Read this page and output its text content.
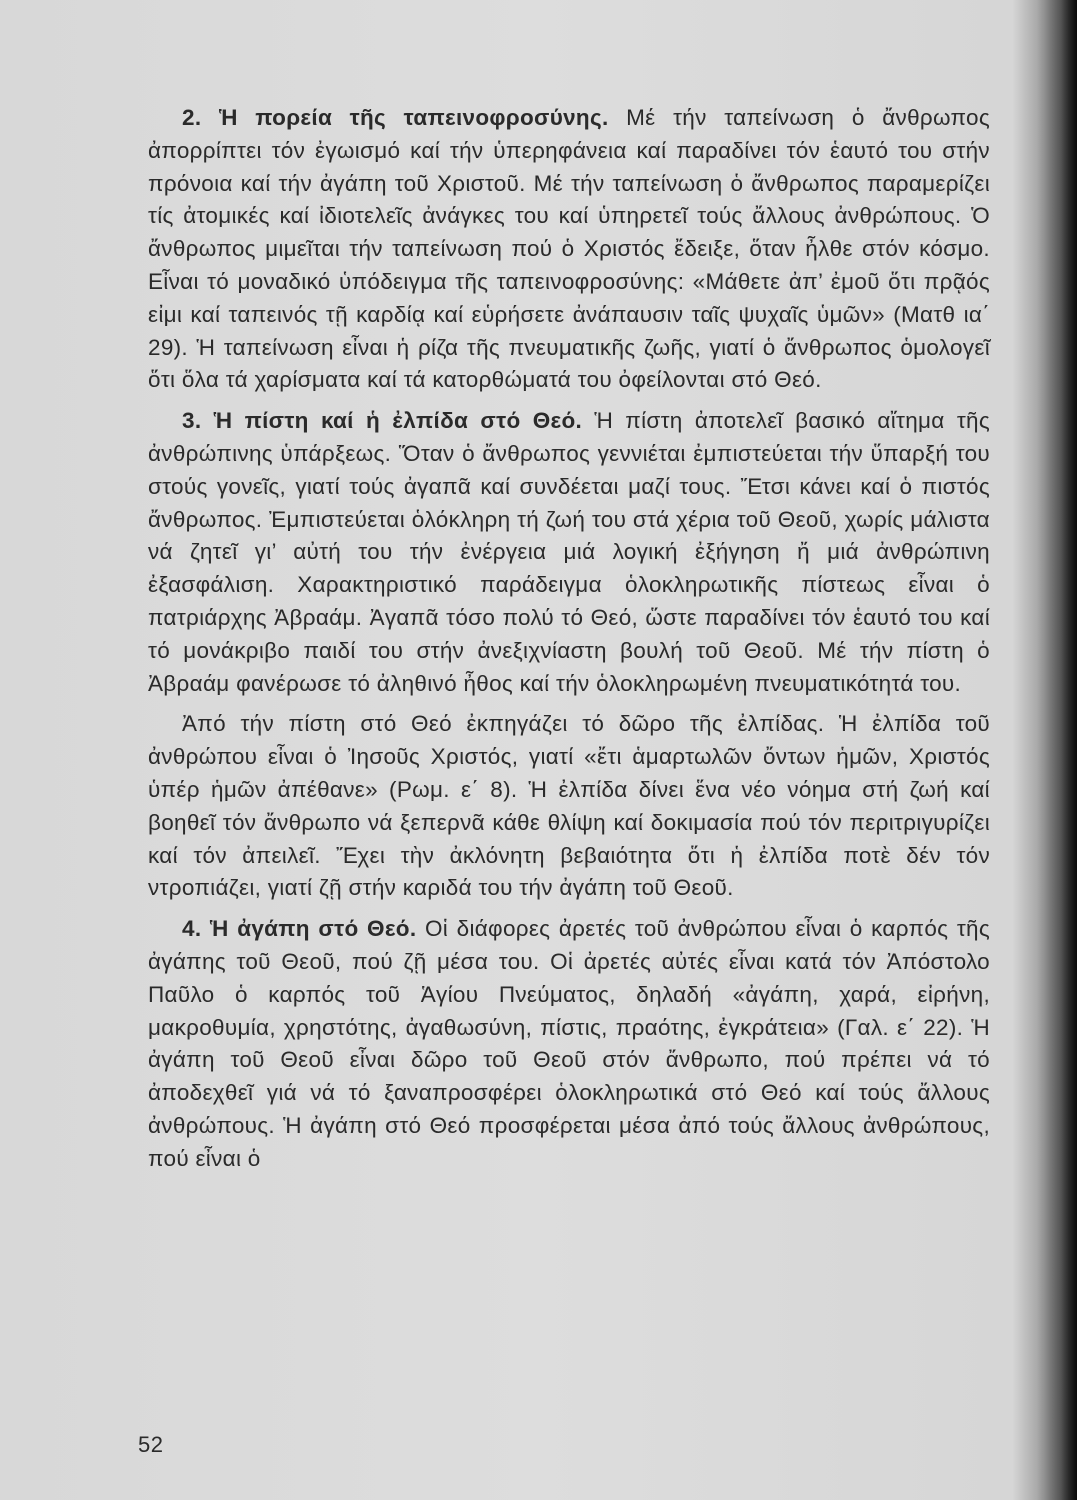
2. Ἡ πορεία τῆς ταπεινοφροσύνης. Μέ τήν ταπείνωση ὁ ἄνθρωπος ἀπορρίπτει τόν ἐγωισμό καί τήν ὑπερηφάνεια καί παραδίνει τόν ἑαυτό του στήν πρόνοια καί τήν ἀγάπη τοῦ Χριστοῦ. Μέ τήν ταπείνωση ὁ ἄνθρωπος παραμερίζει τίς ἀτομικές καί ἰδιοτελεῖς ἀνάγκες του καί ὑπηρετεῖ τούς ἄλλους ἀνθρώπους. Ὁ ἄνθρωπος μιμεῖται τήν ταπείνωση πού ὁ Χριστός ἔδειξε, ὅταν ἦλθε στόν κόσμο. Εἶναι τό μοναδικό ὑπόδειγμα τῆς ταπεινοφροσύνης: «Μάθετε ἀπ’ ἐμοῦ ὅτι πρᾷός εἰμι καί ταπεινός τῇ καρδίᾳ καί εὑρήσετε ἀνάπαυσιν ταῖς ψυχαῖς ὑμῶν» (Ματθ ια΄ 29). Ἡ ταπείνωση εἶναι ἡ ρίζα τῆς πνευματικῆς ζωῆς, γιατί ὁ ἄνθρωπος ὁμολογεῖ ὅτι ὅλα τά χαρίσματα καί τά κατορθώματά του ὀφείλονται στό Θεό.

3. Ἡ πίστη καί ἡ ἐλπίδα στό Θεό. Ἡ πίστη ἀποτελεῖ βασικό αἴτημα τῆς ἀνθρώπινης ὑπάρξεως. Ὅταν ὁ ἄνθρωπος γεννιέται ἐμπιστεύεται τήν ὕπαρξή του στούς γονεῖς, γιατί τούς ἀγαπᾶ καί συνδέεται μαζί τους. Ἔτσι κάνει καί ὁ πιστός ἄνθρωπος. Ἐμπιστεύεται ὁλόκληρη τή ζωή του στά χέρια τοῦ Θεοῦ, χωρίς μάλιστα νά ζητεῖ γι’ αὐτή του τήν ἐνέργεια μιά λογική ἐξήγηση ἤ μιά ἀνθρώπινη ἐξασφάλιση. Χαρακτηριστικό παράδειγμα ὁλοκληρωτικῆς πίστεως εἶναι ὁ πατριάρχης Ἀβραάμ. Ἀγαπᾶ τόσο πολύ τό Θεό, ὥστε παραδίνει τόν ἑαυτό του καί τό μονάκριβο παιδί του στήν ἀνεξιχνίαστη βουλή τοῦ Θεοῦ. Μέ τήν πίστη ὁ Ἀβραάμ φανέρωσε τό ἀληθινό ἦθος καί τήν ὁλοκληρωμένη πνευματικότητά του.

Ἀπό τήν πίστη στό Θεό ἐκπηγάζει τό δῶρο τῆς ἐλπίδας. Ἡ ἐλπίδα τοῦ ἀνθρώπου εἶναι ὁ Ἰησοῦς Χριστός, γιατί «ἔτι ἁμαρτωλῶν ὄντων ἡμῶν, Χριστός ὑπέρ ἡμῶν ἀπέθανε» (Ρωμ. ε΄ 8). Ἡ ἐλπίδα δίνει ἕνα νέο νόημα στή ζωή καί βοηθεῖ τόν ἄνθρωπο νά ξεπερνᾶ κάθε θλίψη καί δοκιμασία πού τόν περιτριγυρίζει καί τόν ἀπειλεῖ. Ἔχει τὴν ἀκλόνητη βεβαιότητα ὅτι ἡ ἐλπίδα ποτὲ δέν τόν ντροπιάζει, γιατί ζῇ στήν καριδά του τήν ἀγάπη τοῦ Θεοῦ.

4. Ἡ ἀγάπη στό Θεό. Οἱ διάφορες ἀρετές τοῦ ἀνθρώπου εἶναι ὁ καρπός τῆς ἀγάπης τοῦ Θεοῦ, πού ζῇ μέσα του. Οἱ ἀρετές αὐτές εἶναι κατά τόν Ἀπόστολο Παῦλο ὁ καρπός τοῦ Ἁγίου Πνεύματος, δηλαδή «ἀγάπη, χαρά, εἰρήνη, μακροθυμία, χρηστότης, ἀγαθωσύνη, πίστις, πραότης, ἐγκράτεια» (Γαλ. ε΄ 22). Ἡ ἀγάπη τοῦ Θεοῦ εἶναι δῶρο τοῦ Θεοῦ στόν ἄνθρωπο, πού πρέπει νά τό ἀποδεχθεῖ γιά νά τό ξαναπροσφέρει ὁλοκληρωτικά στό Θεό καί τούς ἄλλους ἀνθρώπους. Ἡ ἀγάπη στό Θεό προσφέρεται μέσα ἀπό τούς ἄλλους ἀνθρώπους, πού εἶναι ὁ

52
